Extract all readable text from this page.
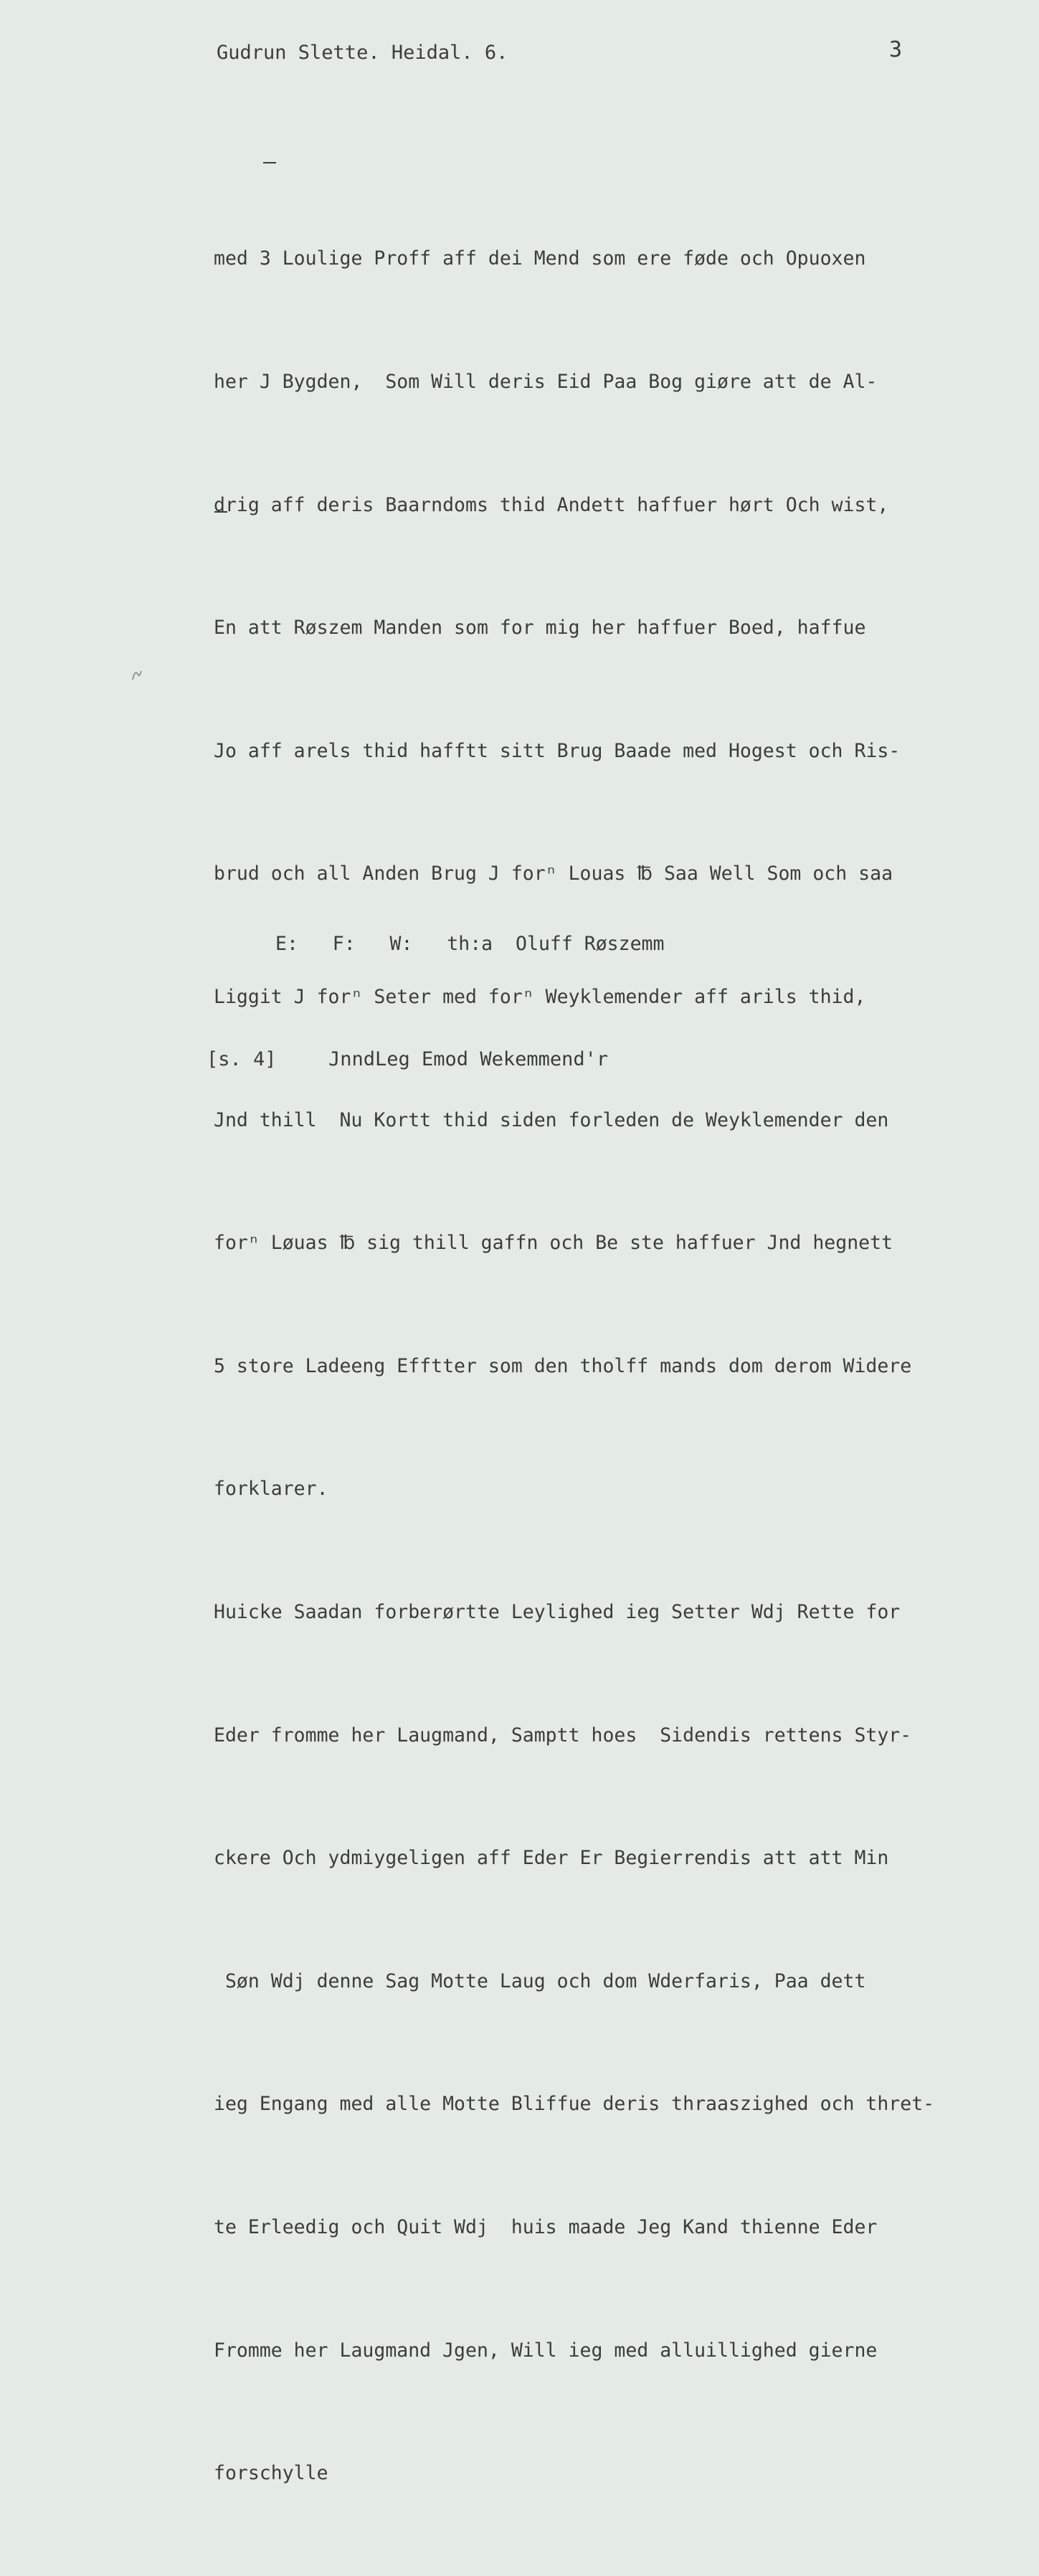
Gudrun Slette. Heidal. 6.	3

med 3 Loulige Proff aff dei Mend som ere føde och Opuoxen

her J Bygden,  Som Will deris Eid Paa Bog giøre att de Al-

drig aff deris Baarndoms thid Andett haffuer hørt Och wist,

En att Røszem Manden som for mig her haffuer Boed, haffue

Jo aff arels thid hafftt sitt Brug Baade med Hogest och Ris-

brud och all Anden Brug J forⁿ Louas ℔ Saa Well Som och saa

Liggit J forⁿ Seter med forⁿ Weyklemender aff arils thid,

Jnd thill  Nu Kortt thid siden forleden de Weyklemender den

forⁿ Løuas ℔ sig thill gaffn och Be ste haffuer Jnd hegnett

5 store Ladeeng Efftter som den tholff mands dom derom Widere

forklarer.

Huicke Saadan forberørtte Leylighed ieg Setter Wdj Rette for

Eder fromme her Laugmand, Samptt hoes  Sidendis rettens Styr-

ckere Och ydmiygeligen aff Eder Er Begierrendis att att Min

Søn Wdj denne Sag Motte Laug och dom Wderfaris, Paa dett

ieg Engang med alle Motte Bliffue deris thraaszighed och thret-

te Erleedig och Quit Wdj  huis maade Jeg Kand thienne Eder

Fromme her Laugmand Jgen, Will ieg med alluillighed gierne

forschylle

E:   F:   W:   th:a  Oluff Røszemm
[s. 4]	JnndLeg Emod Wekemmend'r
